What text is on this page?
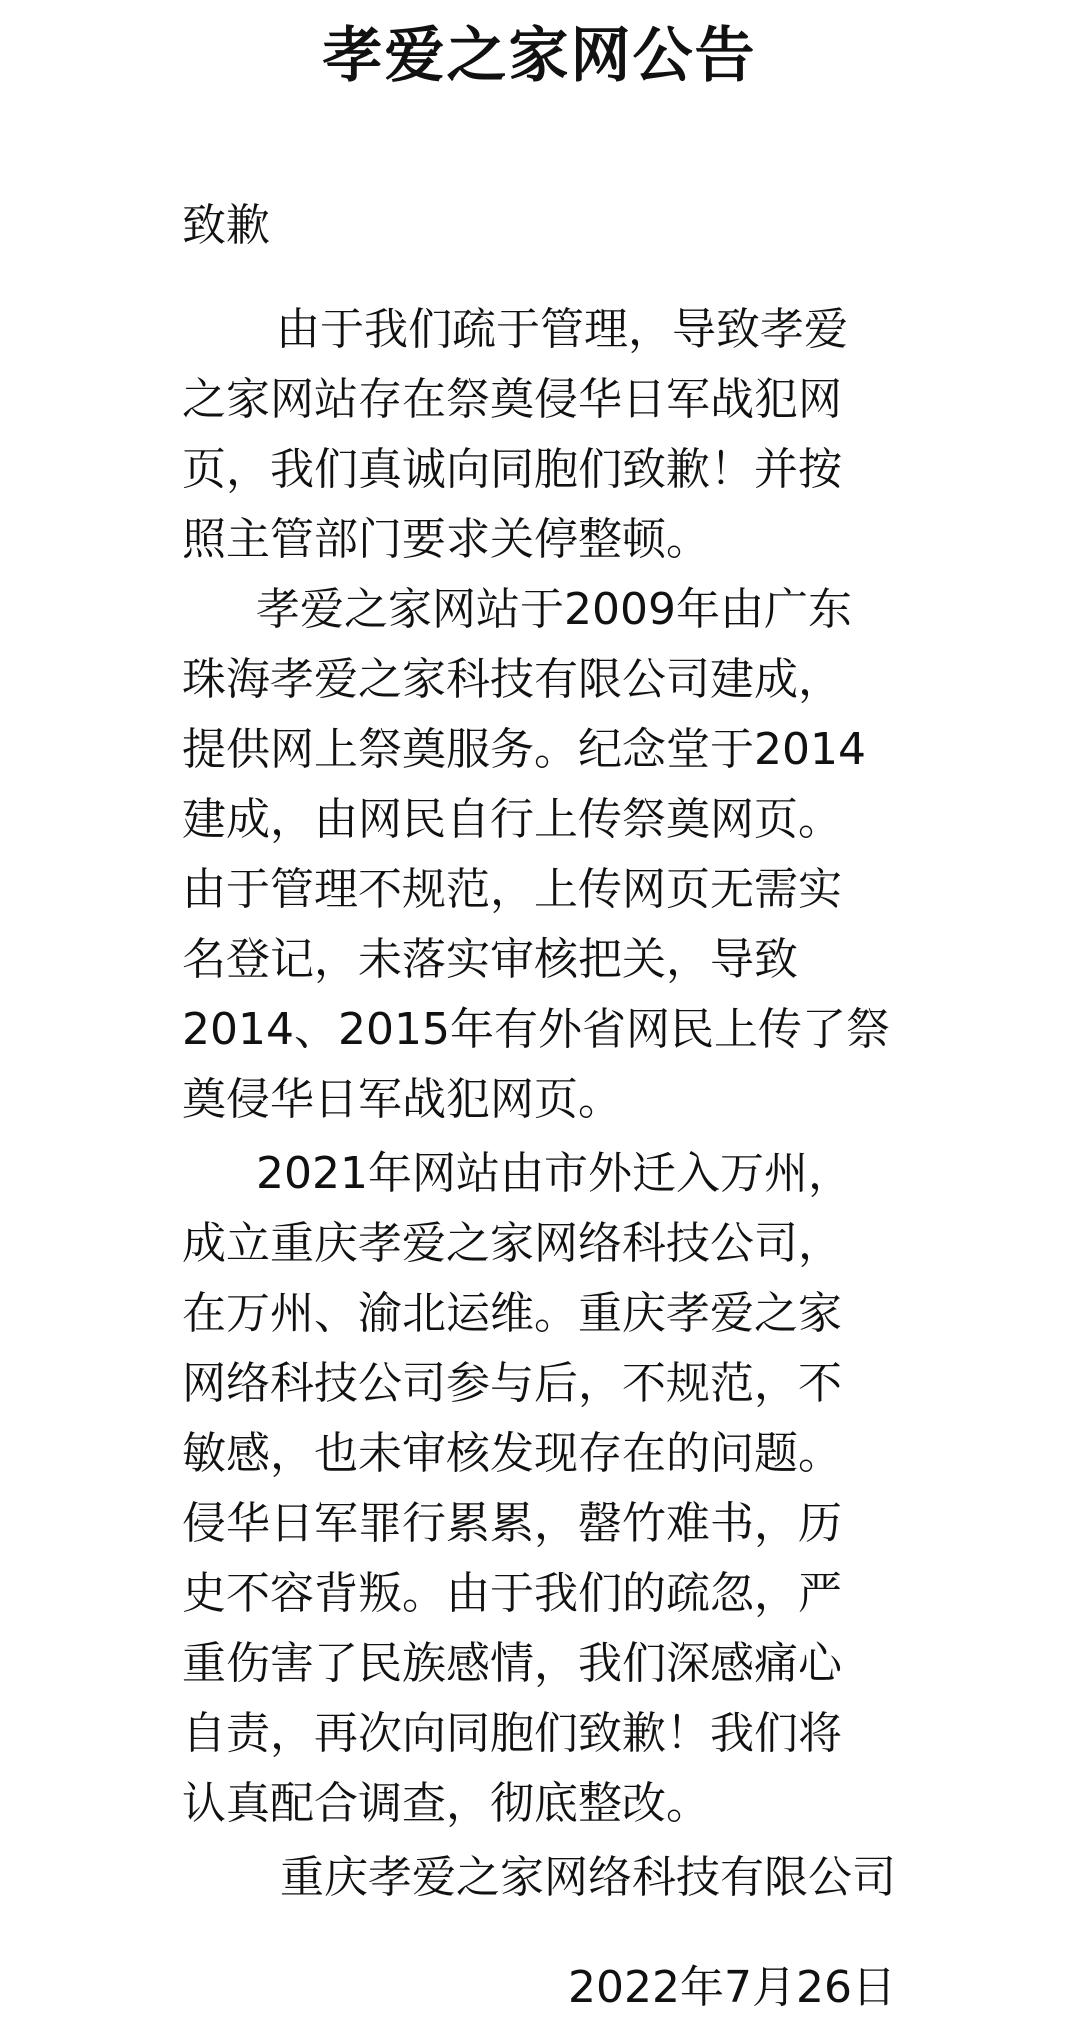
孝爱之家网公告
致歉
由于我们疏于管理，导致孝爱
之家网站存在祭奠侵华日军战犯网
页，我们真诚向同胞们致歉！并按
照主管部门要求关停整顿。
孝爱之家网站于2009年由广东
珠海孝爱之家科技有限公司建成，
提供网上祭奠服务。纪念堂于2014
建成，由网民自行上传祭奠网页。
由于管理不规范，上传网页无需实
名登记，未落实审核把关，导致
2014、2015年有外省网民上传了祭
奠侵华日军战犯网页。
2021年网站由市外迁入万州，
成立重庆孝爱之家网络科技公司，
在万州、渝北运维。重庆孝爱之家
网络科技公司参与后，不规范，不
敏感，也未审核发现存在的问题。
侵华日军罪行累累，罄竹难书，历
史不容背叛。由于我们的疏忽，严
重伤害了民族感情，我们深感痛心
自责，再次向同胞们致歉！我们将
认真配合调查，彻底整改。
重庆孝爱之家网络科技有限公司
2022年7月26日
